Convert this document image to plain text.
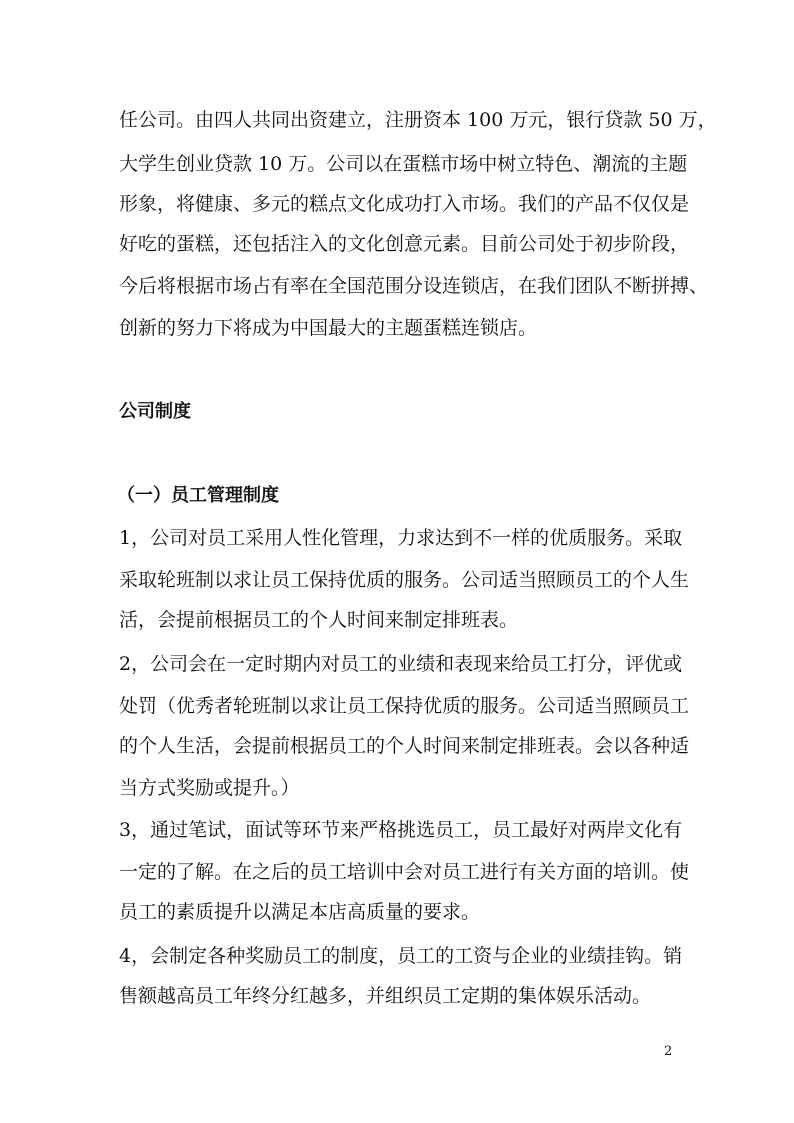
任公司。由四人共同出资建立，注册资本 100 万元，银行贷款 50 万，
大学生创业贷款 10 万。公司以在蛋糕市场中树立特色、潮流的主题
形象，将健康、多元的糕点文化成功打入市场。我们的产品不仅仅是
好吃的蛋糕，还包括注入的文化创意元素。目前公司处于初步阶段，
今后将根据市场占有率在全国范围分设连锁店，在我们团队不断拼搏、
创新的努力下将成为中国最大的主题蛋糕连锁店。
公司制度
（一）员工管理制度
1，公司对员工采用人性化管理，力求达到不一样的优质服务。采取
采取轮班制以求让员工保持优质的服务。公司适当照顾员工的个人生
活，会提前根据员工的个人时间来制定排班表。
2，公司会在一定时期内对员工的业绩和表现来给员工打分，评优或
处罚（优秀者轮班制以求让员工保持优质的服务。公司适当照顾员工
的个人生活，会提前根据员工的个人时间来制定排班表。会以各种适
当方式奖励或提升。）
3，通过笔试，面试等环节来严格挑选员工，员工最好对两岸文化有
一定的了解。在之后的员工培训中会对员工进行有关方面的培训。使
员工的素质提升以满足本店高质量的要求。
4，会制定各种奖励员工的制度，员工的工资与企业的业绩挂钩。销
售额越高员工年终分红越多，并组织员工定期的集体娱乐活动。
2
